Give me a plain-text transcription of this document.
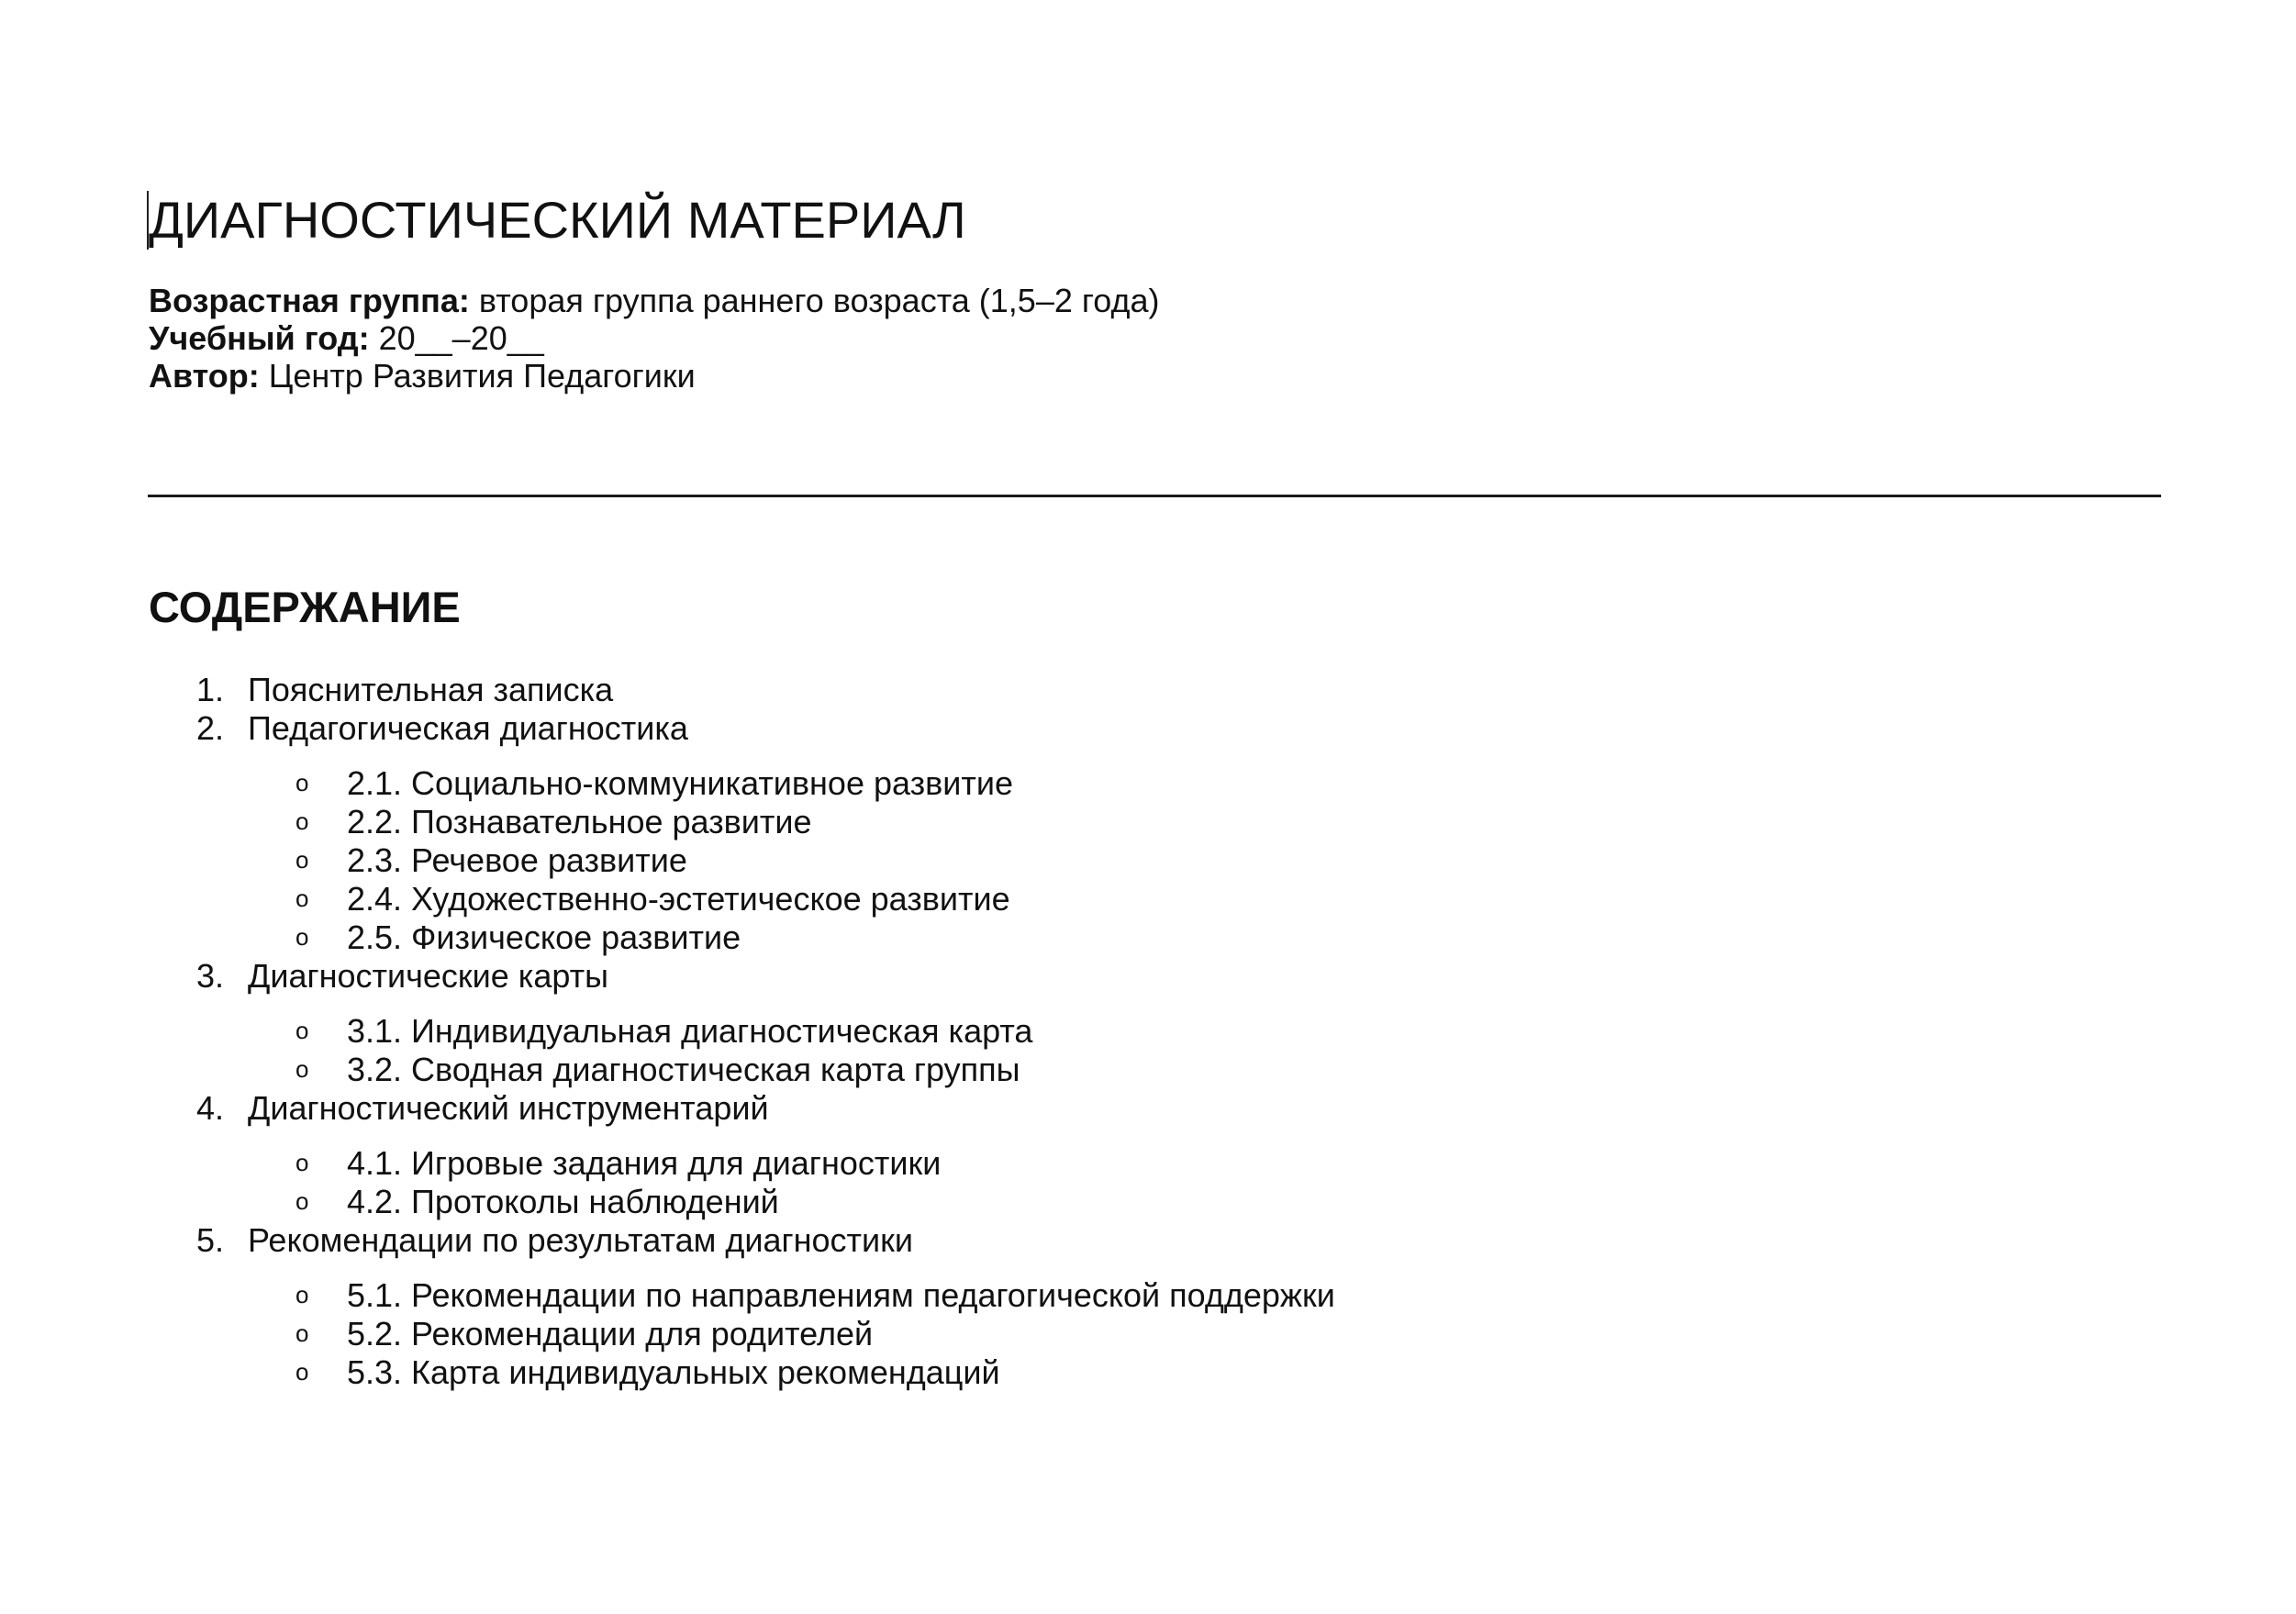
ДИАГНОСТИЧЕСКИЙ МАТЕРИАЛ
Возрастная группа: вторая группа раннего возраста (1,5–2 года)
Учебный год: 20__–20__
Автор: Центр Развития Педагогики
СОДЕРЖАНИЕ
1. Пояснительная записка
2. Педагогическая диагностика
o 2.1. Социально-коммуникативное развитие
o 2.2. Познавательное развитие
o 2.3. Речевое развитие
o 2.4. Художественно-эстетическое развитие
o 2.5. Физическое развитие
3. Диагностические карты
o 3.1. Индивидуальная диагностическая карта
o 3.2. Сводная диагностическая карта группы
4. Диагностический инструментарий
o 4.1. Игровые задания для диагностики
o 4.2. Протоколы наблюдений
5. Рекомендации по результатам диагностики
o 5.1. Рекомендации по направлениям педагогической поддержки
o 5.2. Рекомендации для родителей
o 5.3. Карта индивидуальных рекомендаций
